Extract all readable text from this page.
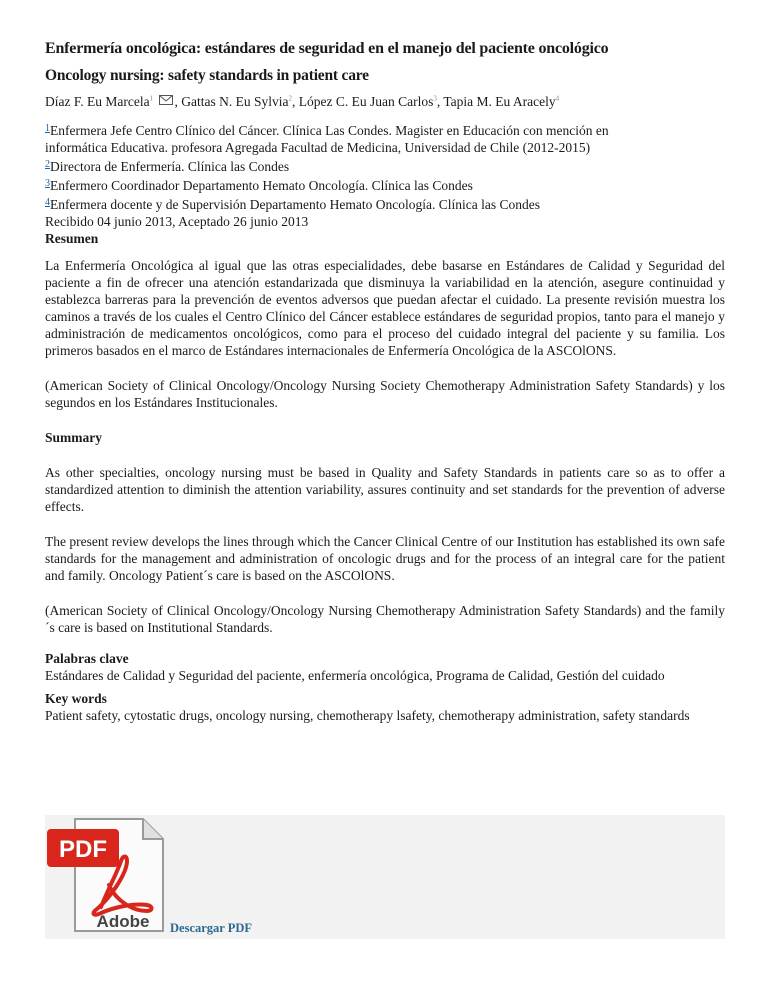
Enfermería oncológica: estándares de seguridad en el manejo del paciente oncológico
Oncology nursing: safety standards in patient care
Díaz F. Eu Marcela$^1$ , Gattas N. Eu Sylvia$^2$, López C. Eu Juan Carlos$^3$, Tapia M. Eu Aracely$^4$
$^1$Enfermera Jefe Centro Clínico del Cáncer. Clínica Las Condes. Magister en Educación con mención en
informática Educativa. profesora Agregada Facultad de Medicina, Universidad de Chile (2012-2015)
$^2$Directora de Enfermería. Clínica las Condes
$^3$Enfermero Coordinador Departamento Hemato Oncología. Clínica las Condes
$^4$Enfermera docente y de Supervisión Departamento Hemato Oncología. Clínica las Condes
Recibido 04 junio 2013, Aceptado 26 junio 2013
Resumen

La Enfermería Oncológica al igual que las otras especialidades, debe basarse en Estándares de Calidad y Seguridad del paciente a fin de ofrecer una atención estandarizada que disminuya la variabilidad en la atención, asegure continuidad y establezca barreras para la prevención de eventos adversos que puedan afectar el cuidado. La presente revisión muestra los caminos a través de los cuales el Centro Clínico del Cáncer establece estándares de seguridad propios, tanto para el manejo y administración de medicamentos oncológicos, como para el proceso del cuidado integral del paciente y su familia. Los primeros basados en el marco de Estándares internacionales de Enfermería Oncológica de la ASCOlONS.

(American Society of Clinical Oncology/Oncology Nursing Society Chemotherapy Administration Safety Standards) y los segundos en los Estándares Institucionales.

Summary

As other specialties, oncology nursing must be based in Quality and Safety Standards in patients care so as to offer a standardized attention to diminish the attention variability, assures continuity and set standards for the prevention of adverse effects.

The present review develops the lines through which the Cancer Clinical Centre of our Institution has established its own safe standards for the management and administration of oncologic drugs and for the process of an integral care for the patient and family. Oncology Patient´s care is based on the ASCOlONS.

(American Society of Clinical Oncology/Oncology Nursing Chemotherapy Administration Safety Standards) and the family´s care is based on Institutional Standards.

Palabras clave

Estándares de Calidad y Seguridad del paciente, enfermería oncológica, Programa de Calidad, Gestión del cuidado

Key words

Patient safety, cytostatic drugs, oncology nursing, chemotherapy lsafety, chemotherapy administration, safety standards

PDF
Adobe Descargar PDF
